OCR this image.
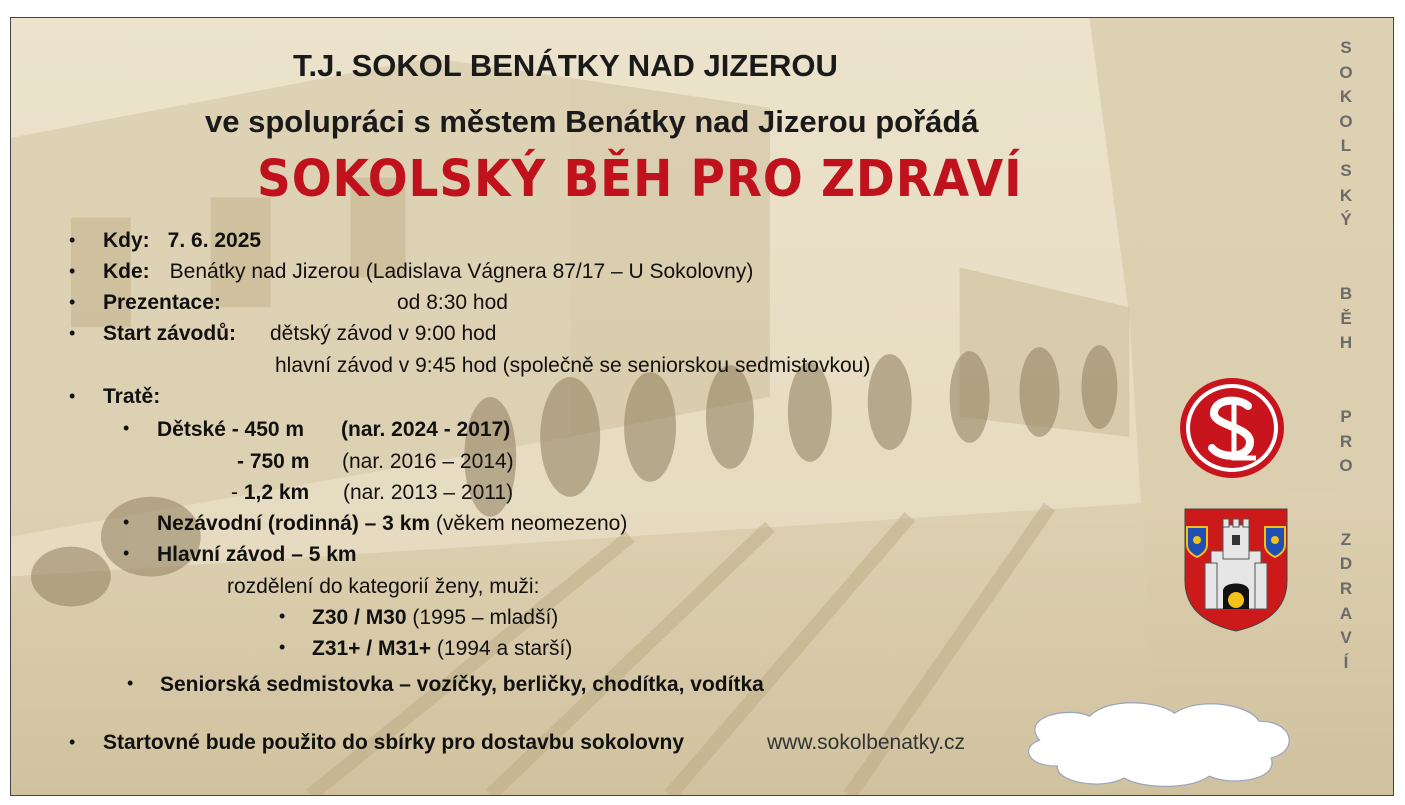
T.J. SOKOL BENÁTKY NAD JIZEROU
ve spolupráci s městem Benátky nad Jizerou pořádá
SOKOLSKÝ BĚH PRO ZDRAVÍ
• Kdy: 7. 6. 2025
• Kde: Benátky nad Jizerou (Ladislava Vágnera 87/17 – U Sokolovny)
• Prezentace:	od 8:30 hod
• Start závodů: dětský závod v 9:00 hod
hlavní závod v 9:45 hod (společně se seniorskou sedmistovkou)
• Tratě:
• Dětské - 450 m (nar. 2024 - 2017)
- 750 m (nar. 2016 – 2014)
- 1,2 km (nar. 2013 – 2011)
• Nezávodní (rodinná) – 3 km (věkem neomezeno)
• Hlavní závod – 5 km
rozdělení do kategorií ženy, muži:
• Z30 / M30 (1995 – mladší)
• Z31+ / M31+ (1994 a starší)
• Seniorská sedmistovka – vozíčky, berličky, chodítka, vodítka
• Startovné bude použito do sbírky pro dostavbu sokolovny	www.sokolbenatky.cz
S
O
K
O
L
S
K
Ý
B
Ě
H
P
R
O
Z
D
R
A
V
Í
